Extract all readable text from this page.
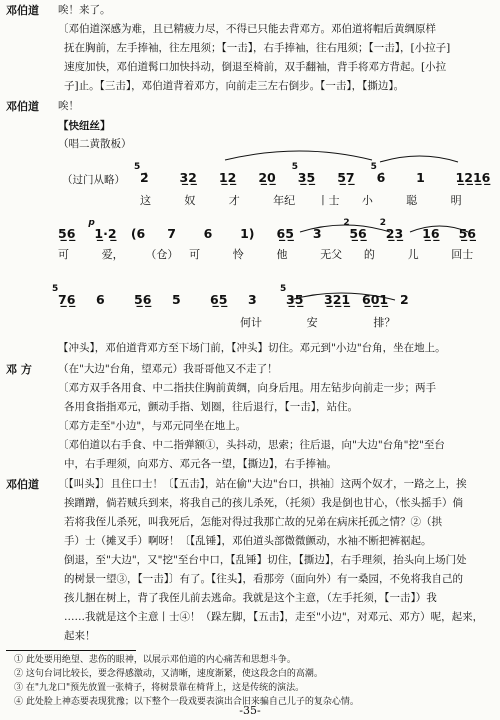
邓伯道	唉！来了。
〔邓伯道深感为难，且已精疲力尽，不得已只能去背邓方。邓伯道将帽后黄绸原样
抚在胸前，左手捧袖，往左甩须；【一击】，右手捧袖，往右甩须；【一击】，[小拉子]
速度加快，邓伯道髯口加快抖动，倒退至椅前，双手翻袖，背手将邓方背起。[小拉
子]止。【三击】，邓伯道背着邓方，向前走三左右倒步。【一击】，【撕边】。
邓伯道	唉！
【快纽丝】
（唱二黄散板）
（过门从略） 2̇
5
3̲2̲ 1̲2̲ 2̲0̲ 3̲5̲
5
5̲7̲ 6̇
5
1 1̲2̲1̲6̲
这	奴	才	年纪 丨士 小	聪	明
5̲6̲ 1̲·2̲
p
(6 7 6 1) 6̲5̲ 3 5̲6̲
2
2̲3̲
2
1̲6̲ 5̲6̲
可	爱， （仓） 可	怜	他	无父 的	儿	回士
7̲6̲
5
6 5̲6̲ 5 6̲5̲ 3 3̲5̲
5
3̲2̲1̲ 6̲0̲1̲ 2
何计	安	排？
【冲头】，邓伯道背邓方至下场门前，【冲头】切住。邓元到"小边"台角，坐在地上。
邓 方	（在"大边"台角，望邓元）我哥哥他又不走了！
〔邓方双手各用食、中二指扶住胸前黄绸，向身后甩。用左钻步向前走一步；两手
各用食指指邓元，颤动手指、划圈，往后退行，【一击】，站住。
〔邓方走至"小边"，与邓元同坐在地上。
〔邓伯道以右手食、中二指弹额①，头抖动，思索；往后退，向"大边"台角"挖"至台
中，右手理须，向邓方、邓元各一望，【撕边】，右手捧袖。
邓伯道	〔【叫头】〕且住口士！〔【五击】，站在偷"大边"台口，拱袖〕这两个奴才，一路之上，挨
挨蹭蹭，倘若贼兵到来，将我自己的孩儿杀死，（托须）我是倒也甘心，（怅头摇手）倘
若将我侄儿杀死，叫我死后，怎能对得过我那亡故的兄弟在病床托孤之情？②（拱
手）士（摊叉手）啊呀！〔【乱锤】，邓伯道头部微微颤动，水袖不断把裤裾起。
倒退，至"大边"，又"挖"至台中口，【乱锤】切住，【撕边】，右手理须，抬头向上场门处
的树景一望③，【一击】〕有了。【往头】，看那旁（面向外）有一桑园，不免将我自己的
孩儿捆在树上，背了我侄儿前去逃命。我就是这个主意，（左手托须，【一击】）我
……我就是这个主意丨士④！（跺左脚，【五击】，走至"小边"，对邓元、邓方）呢，起来，
起来！
① 此处要用绝望、悲伤的眼神，以展示邓伯道的内心痛苦和思想斗争。
② 这句台词比较长，要念得感激动，又清晰，速度渐紧，使这段念白的高潮。
③ 在"九龙口"预先放置一张椅子，将树景靠在椅背上，这是传统的演法。
④ 此处脸上神态要表现犹豫；以下整个一段戏要表演出合旧来骗自己儿子的复杂心情。
-35-
